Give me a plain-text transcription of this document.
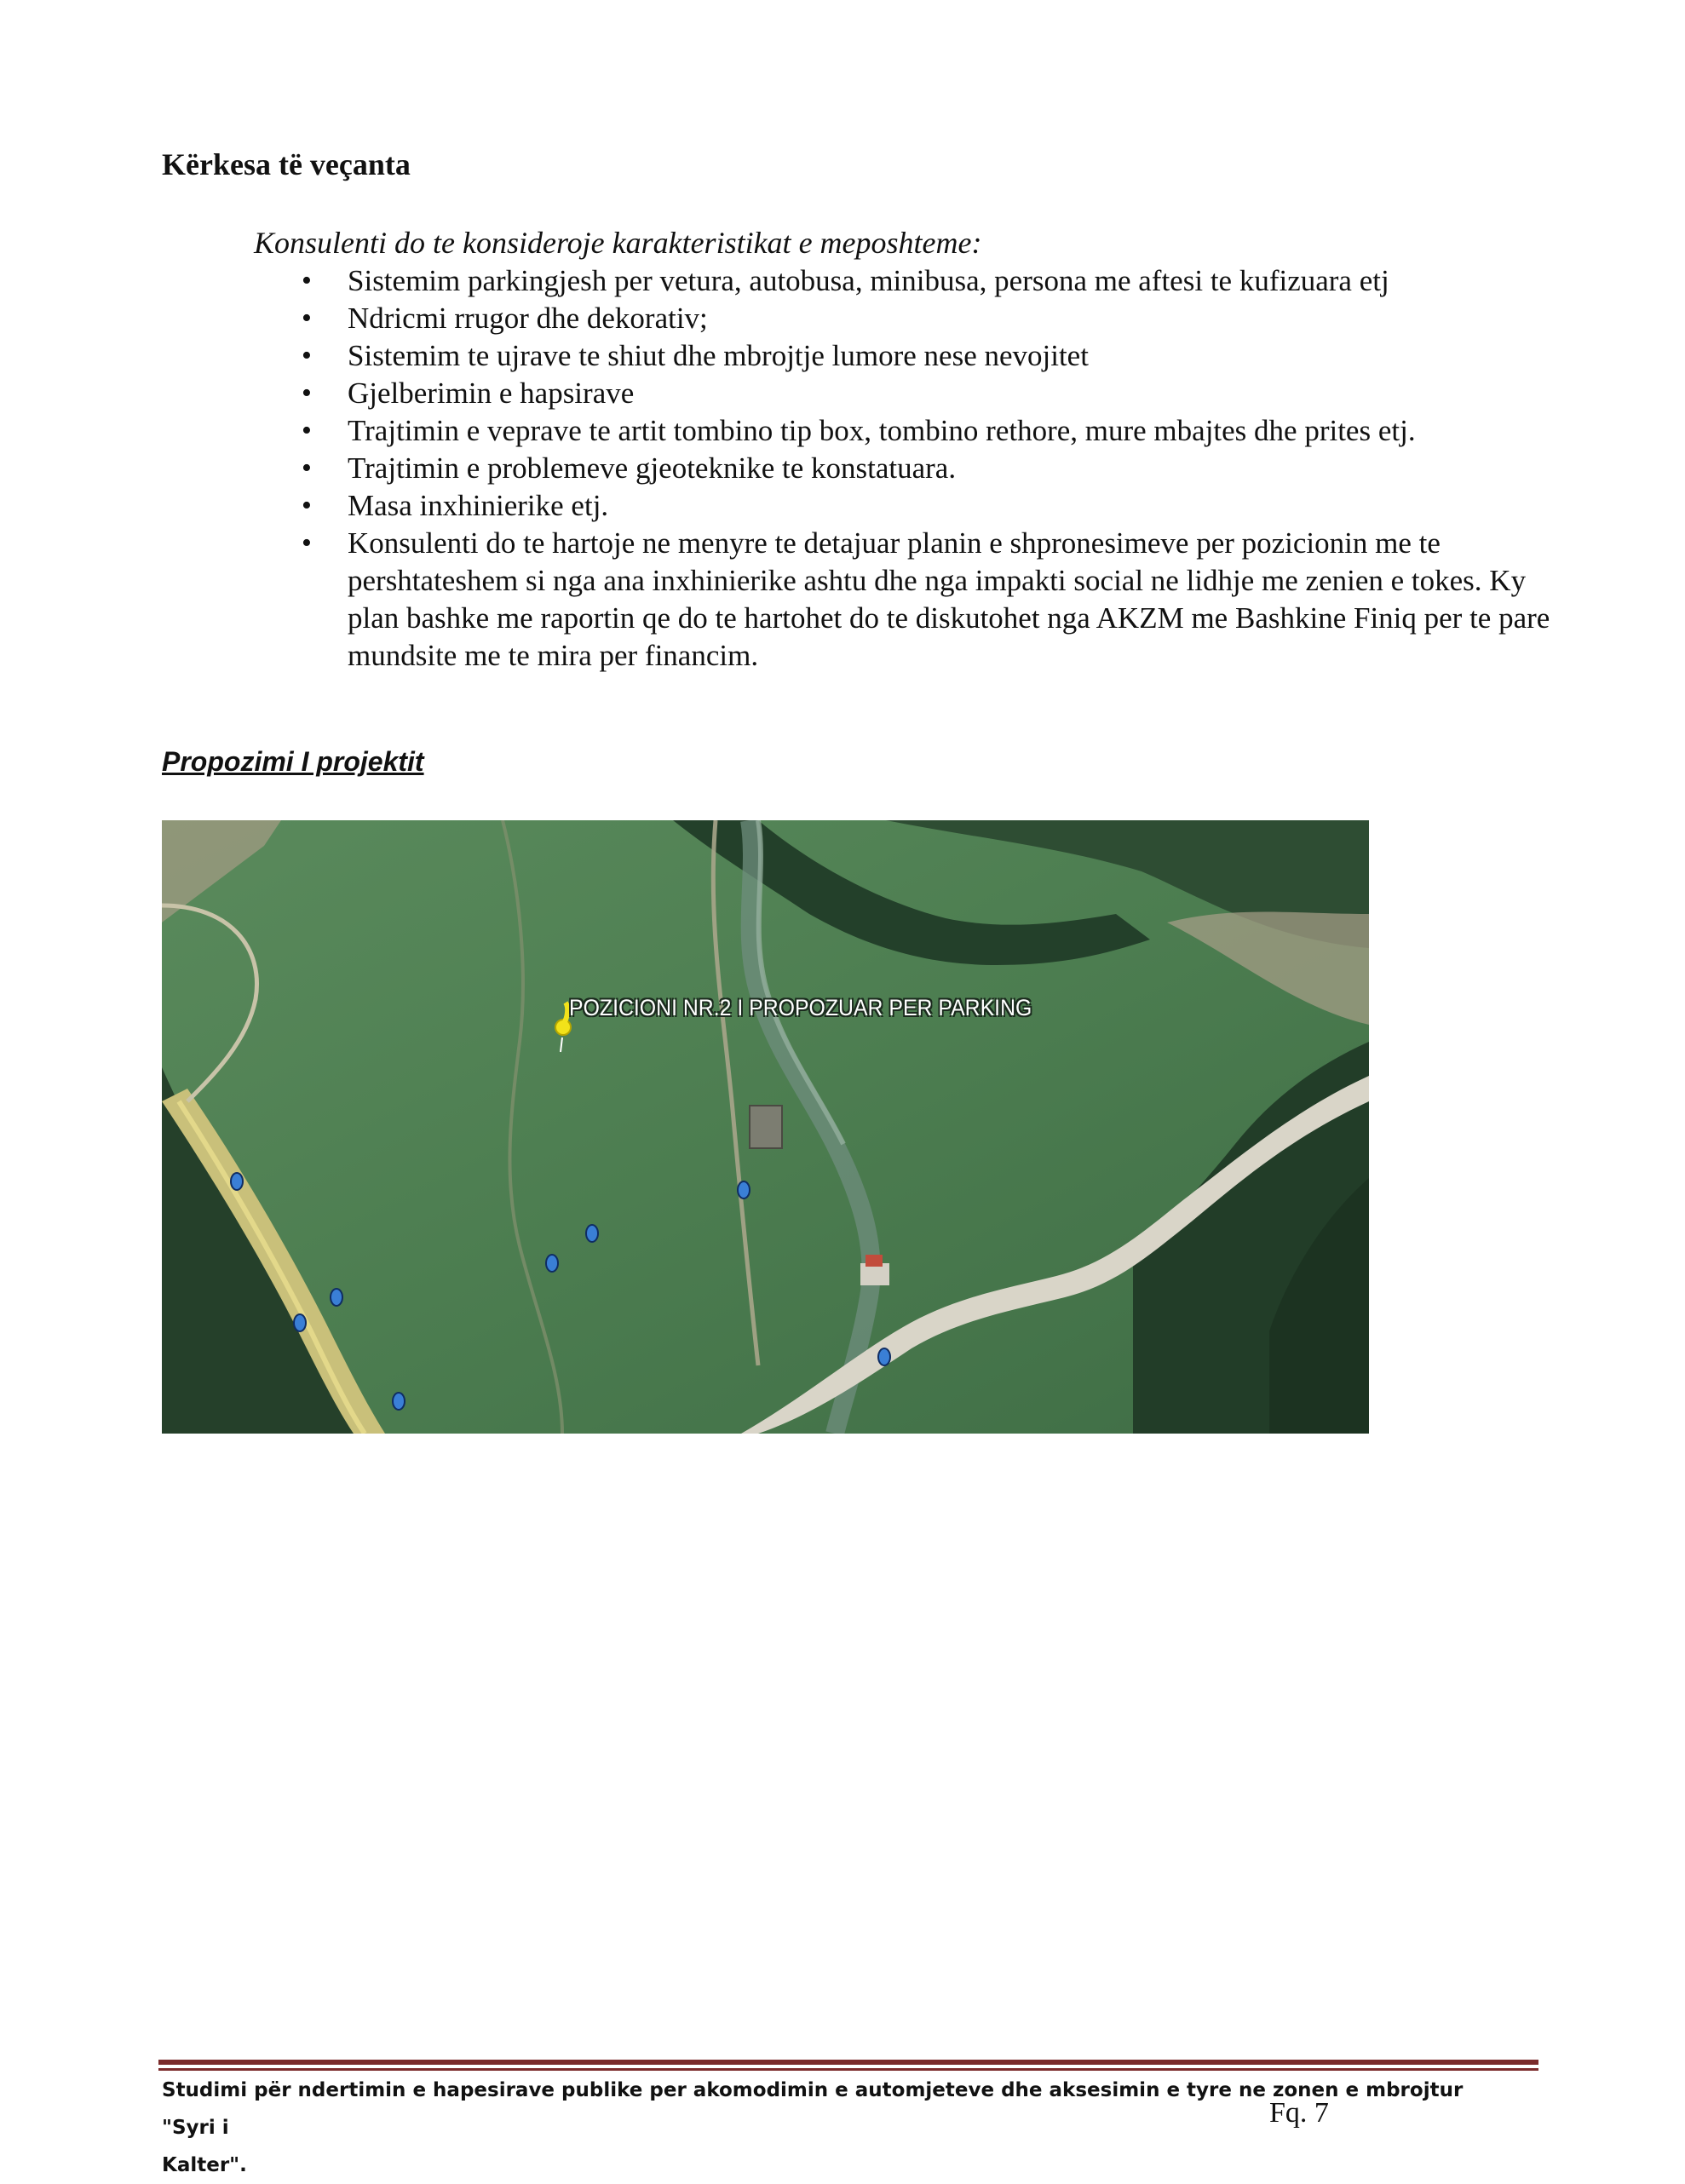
Kërkesa të veçanta
Konsulenti do te konsideroje karakteristikat e meposhteme:
• Sistemim parkingjesh per vetura, autobusa, minibusa, persona me aftesi te kufizuara etj
• Ndricmi rrugor dhe dekorativ;
• Sistemim te ujrave te shiut dhe mbrojtje lumore nese nevojitet
• Gjelberimin e hapsirave
• Trajtimin e veprave te artit tombino tip box, tombino rethore, mure mbajtes dhe prites etj.
• Trajtimin e problemeve gjeoteknike te konstatuara.
• Masa inxhinierike etj.
• Konsulenti do te hartoje ne menyre te detajuar planin e shpronesimeve per pozicionin me te pershtateshem si nga ana inxhinierike ashtu dhe nga impakti social ne lidhje me zenien e tokes. Ky plan bashke me raportin qe do te hartohet do te diskutohet nga AKZM me Bashkine Finiq per te pare mundsite me te mira per financim.
Propozimi I projektit
POZICIONI NR.2 I PROPOZUAR PER PARKING
Studimi për ndertimin e hapesirave publike per akomodimin e automjeteve dhe aksesimin e tyre ne zonen e mbrojtur "Syri i
Kalter".
Fq. 7
